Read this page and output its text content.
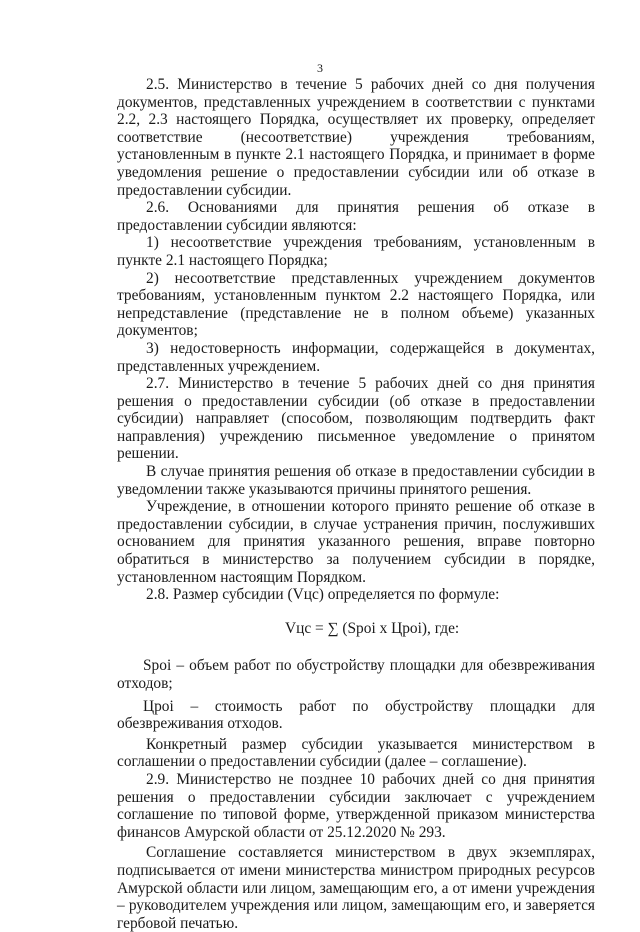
3

2.5. Министерство в течение 5 рабочих дней со дня получения документов, представленных учреждением в соответствии с пунктами 2.2, 2.3 настоящего Порядка, осуществляет их проверку, определяет соответствие (несоответствие) учреждения требованиям, установленным в пункте 2.1 настоящего Порядка, и принимает в форме уведомления решение о предоставлении субсидии или об отказе в предоставлении субсидии.

2.6. Основаниями для принятия решения об отказе в предоставлении субсидии являются:

1) несоответствие учреждения требованиям, установленным в пункте 2.1 настоящего Порядка;

2) несоответствие представленных учреждением документов требованиям, установленным пунктом 2.2 настоящего Порядка, или непредставление (представление не в полном объеме) указанных документов;

3) недостоверность информации, содержащейся в документах, представленных учреждением.

2.7. Министерство в течение 5 рабочих дней со дня принятия решения о предоставлении субсидии (об отказе в предоставлении субсидии) направляет (способом, позволяющим подтвердить факт направления) учреждению письменное уведомление о принятом решении.

В случае принятия решения об отказе в предоставлении субсидии в уведомлении также указываются причины принятого решения.

Учреждение, в отношении которого принято решение об отказе в предоставлении субсидии, в случае устранения причин, послуживших основанием для принятия указанного решения, вправе повторно обратиться в министерство за получением субсидии в порядке, установленном настоящим Порядком.

2.8. Размер субсидии (Vцс) определяется по формуле:

Vцс = ∑ (Spoi x Цpoi), где:

Spoi – объем работ по обустройству площадки для обезвреживания отходов;

Цpoi – стоимость работ по обустройству площадки для обезвреживания отходов.

Конкретный размер субсидии указывается министерством в соглашении о предоставлении субсидии (далее – соглашение).

2.9. Министерство не позднее 10 рабочих дней со дня принятия решения о предоставлении субсидии заключает с учреждением соглашение по типовой форме, утвержденной приказом министерства финансов Амурской области от 25.12.2020 № 293.

Соглашение составляется министерством в двух экземплярах, подписывается от имени министерства министром природных ресурсов Амурской области или лицом, замещающим его, а от имени учреждения – руководителем учреждения или лицом, замещающим его, и заверяется гербовой печатью.
